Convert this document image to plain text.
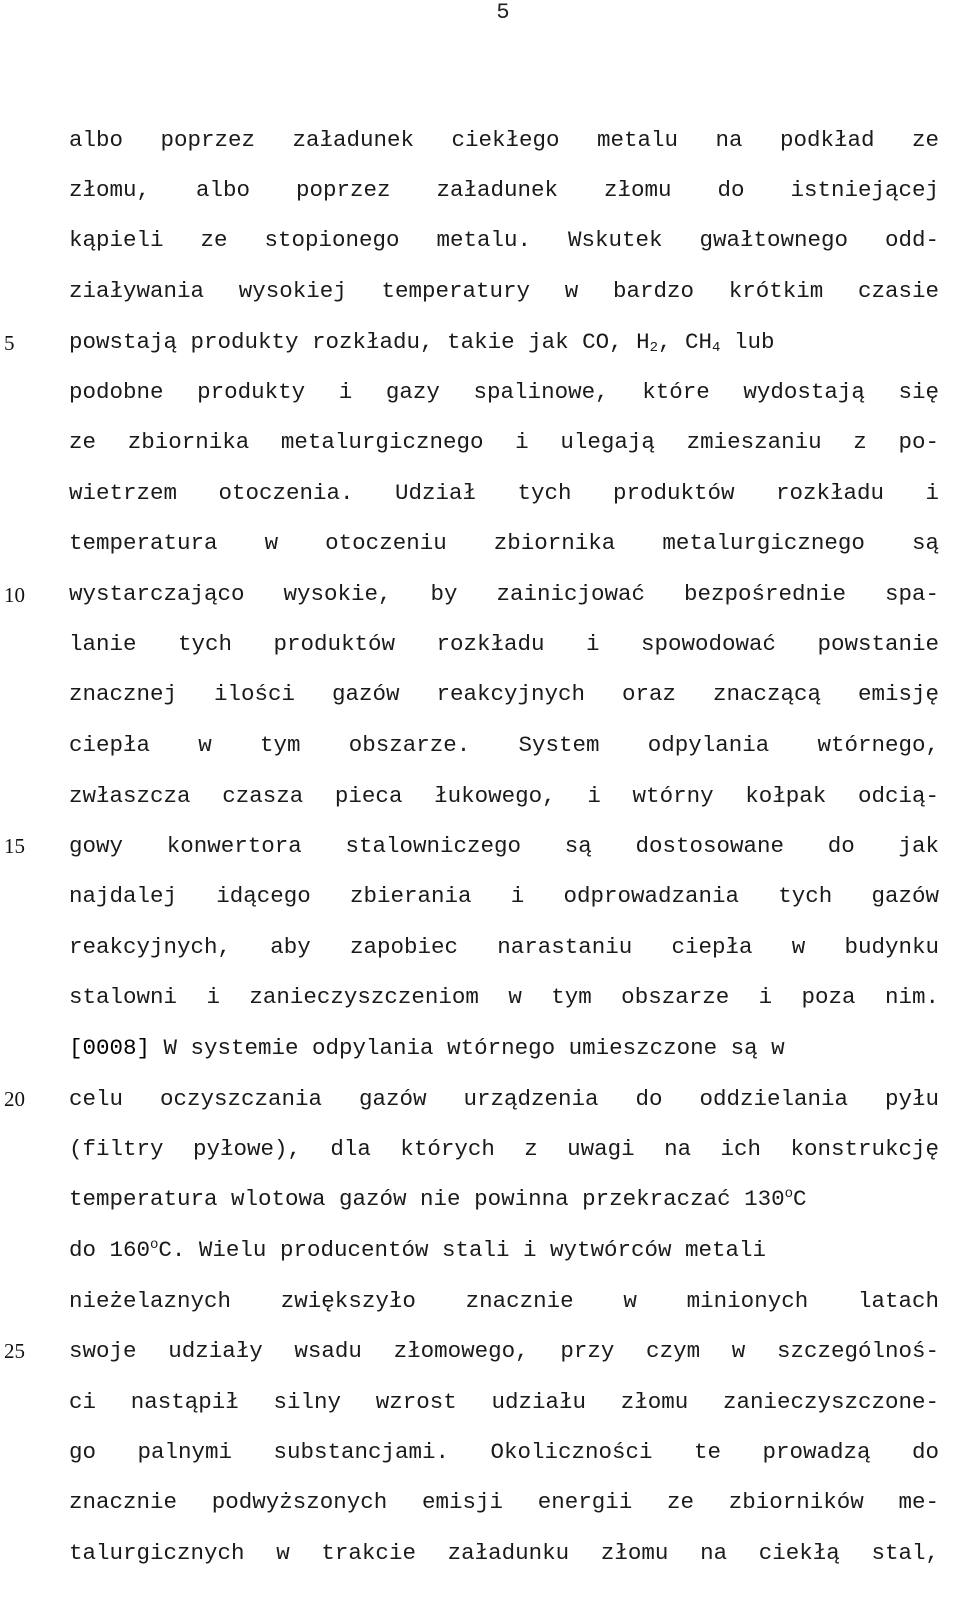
5
5
10
15
20
25
albo poprzez załadunek ciekłego metalu na podkład ze
złomu, albo poprzez załadunek złomu do istniejącej
kąpieli ze stopionego metalu. Wskutek gwałtownego odd-
ziaływania wysokiej temperatury w bardzo krótkim czasie
powstają produkty rozkładu, takie jak CO, $H_2$, $CH_4$ lub
podobne produkty i gazy spalinowe, które wydostają się
ze zbiornika metalurgicznego i ulegają zmieszaniu z po-
wietrzem otoczenia. Udział tych produktów rozkładu i
temperatura w otoczeniu zbiornika metalurgicznego są
wystarczająco wysokie, by zainicjować bezpośrednie spa-
lanie tych produktów rozkładu i spowodować powstanie
znacznej ilości gazów reakcyjnych oraz znaczącą emisję
ciepła w tym obszarze. System odpylania wtórnego,
zwłaszcza czasza pieca łukowego, i wtórny kołpak odcią-
gowy konwertora stalowniczego są dostosowane do jak
najdalej idącego zbierania i odprowadzania tych gazów
reakcyjnych, aby zapobiec narastaniu ciepła w budynku
stalowni i zanieczyszczeniom w tym obszarze i poza nim.
[0008] W systemie odpylania wtórnego umieszczone są w
celu oczyszczania gazów urządzenia do oddzielania pyłu
(filtry pyłowe), dla których z uwagi na ich konstrukcję
temperatura wlotowa gazów nie powinna przekraczać 130$^o$C
do 160$^o$C. Wielu producentów stali i wytwórców metali
nieżelaznych zwiększyło znacznie w minionych latach
swoje udziały wsadu złomowego, przy czym w szczególnoś-
ci nastąpił silny wzrost udziału złomu zanieczyszczone-
go palnymi substancjami. Okoliczności te prowadzą do
znacznie podwyższonych emisji energii ze zbiorników me-
talurgicznych w trakcie załadunku złomu na ciekłą stal,
